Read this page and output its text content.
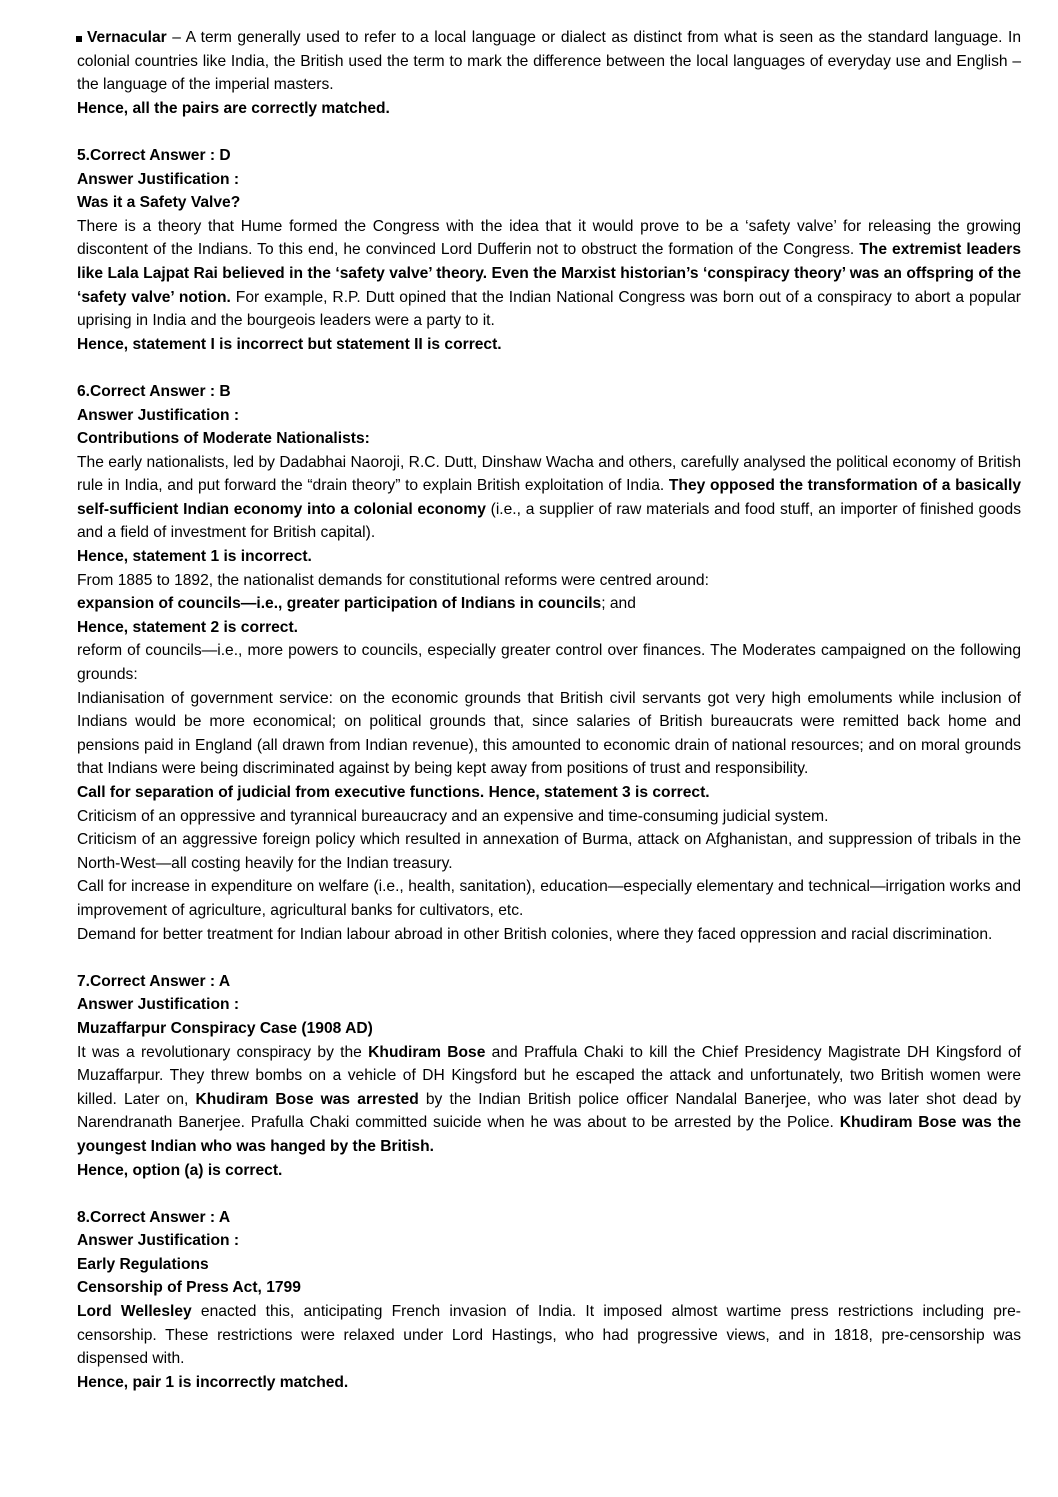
Vernacular – A term generally used to refer to a local language or dialect as distinct from what is seen as the standard language. In colonial countries like India, the British used the term to mark the difference between the local languages of everyday use and English – the language of the imperial masters.

Hence, all the pairs are correctly matched.

5.Correct Answer : D

Answer Justification :

Was it a Safety Valve?

There is a theory that Hume formed the Congress with the idea that it would prove to be a ‘safety valve’ for releasing the growing discontent of the Indians. To this end, he convinced Lord Dufferin not to obstruct the formation of the Congress. The extremist leaders like Lala Lajpat Rai believed in the ‘safety valve’ theory. Even the Marxist historian’s ‘conspiracy theory’ was an offspring of the ‘safety valve’ notion. For example, R.P. Dutt opined that the Indian National Congress was born out of a conspiracy to abort a popular uprising in India and the bourgeois leaders were a party to it.

Hence, statement I is incorrect but statement II is correct.

6.Correct Answer : B

Answer Justification :

Contributions of Moderate Nationalists:

The early nationalists, led by Dadabhai Naoroji, R.C. Dutt, Dinshaw Wacha and others, carefully analysed the political economy of British rule in India, and put forward the “drain theory” to explain British exploitation of India. They opposed the transformation of a basically self-sufficient Indian economy into a colonial economy (i.e., a supplier of raw materials and food stuff, an importer of finished goods and a field of investment for British capital).

Hence, statement 1 is incorrect.

From 1885 to 1892, the nationalist demands for constitutional reforms were centred around:

expansion of councils—i.e., greater participation of Indians in councils; and

Hence, statement 2 is correct.

reform of councils—i.e., more powers to councils, especially greater control over finances. The Moderates campaigned on the following grounds:

Indianisation of government service: on the economic grounds that British civil servants got very high emoluments while inclusion of Indians would be more economical; on political grounds that, since salaries of British bureaucrats were remitted back home and pensions paid in England (all drawn from Indian revenue), this amounted to economic drain of national resources; and on moral grounds that Indians were being discriminated against by being kept away from positions of trust and responsibility.

Call for separation of judicial from executive functions. Hence, statement 3 is correct.

Criticism of an oppressive and tyrannical bureaucracy and an expensive and time-consuming judicial system.

Criticism of an aggressive foreign policy which resulted in annexation of Burma, attack on Afghanistan, and suppression of tribals in the North-West—all costing heavily for the Indian treasury.

Call for increase in expenditure on welfare (i.e., health, sanitation), education—especially elementary and technical—irrigation works and improvement of agriculture, agricultural banks for cultivators, etc.

Demand for better treatment for Indian labour abroad in other British colonies, where they faced oppression and racial discrimination.

7.Correct Answer : A

Answer Justification :

Muzaffarpur Conspiracy Case (1908 AD)

It was a revolutionary conspiracy by the Khudiram Bose and Praffula Chaki to kill the Chief Presidency Magistrate DH Kingsford of Muzaffarpur. They threw bombs on a vehicle of DH Kingsford but he escaped the attack and unfortunately, two British women were killed. Later on, Khudiram Bose was arrested by the Indian British police officer Nandalal Banerjee, who was later shot dead by Narendranath Banerjee. Prafulla Chaki committed suicide when he was about to be arrested by the Police. Khudiram Bose was the youngest Indian who was hanged by the British.

Hence, option (a) is correct.

8.Correct Answer : A

Answer Justification :

Early Regulations

Censorship of Press Act, 1799

Lord Wellesley enacted this, anticipating French invasion of India. It imposed almost wartime press restrictions including pre-censorship. These restrictions were relaxed under Lord Hastings, who had progressive views, and in 1818, pre-censorship was dispensed with.

Hence, pair 1 is incorrectly matched.
